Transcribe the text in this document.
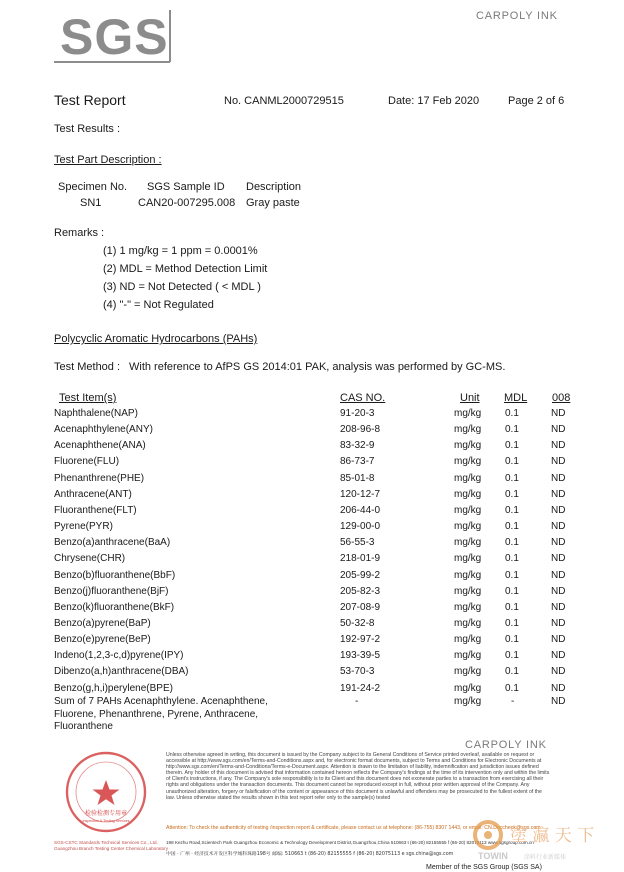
SGS	CARPOLY INK
Test Report	No. CANML2000729515	Date: 17 Feb 2020	Page 2 of 6
Test Results :
Test Part Description :
Specimen No. SGS Sample ID Description
SN1	CAN20-007295.008 Gray paste
Remarks :
(1) 1 mg/kg = 1 ppm = 0.0001%
(2) MDL = Method Detection Limit
(3) ND = Not Detected ( < MDL )
(4) "-" = Not Regulated
Polycyclic Aromatic Hydrocarbons (PAHs)
Test Method : With reference to AfPS GS 2014:01 PAK, analysis was performed by GC-MS.
Test Item(s)	CAS NO.	Unit MDL 008
Naphthalene(NAP)	91-20-3	mg/kg 0.1	ND
Acenaphthylene(ANY)	208-96-8	mg/kg 0.1	ND
Acenaphthene(ANA)	83-32-9	mg/kg 0.1	ND
Fluorene(FLU)	86-73-7	mg/kg 0.1	ND
Phenanthrene(PHE)	85-01-8	mg/kg 0.1	ND
Anthracene(ANT)	120-12-7	mg/kg 0.1	ND
Fluoranthene(FLT)	206-44-0	mg/kg 0.1	ND
Pyrene(PYR)	129-00-0	mg/kg 0.1	ND
Benzo(a)anthracene(BaA)	56-55-3	mg/kg 0.1	ND
Chrysene(CHR)	218-01-9	mg/kg 0.1	ND
Benzo(b)fluoranthene(BbF)	205-99-2	mg/kg 0.1	ND
Benzo(j)fluoranthene(BjF)	205-82-3	mg/kg 0.1	ND
Benzo(k)fluoranthene(BkF)	207-08-9	mg/kg 0.1	ND
Benzo(a)pyrene(BaP)	50-32-8	mg/kg 0.1	ND
Benzo(e)pyrene(BeP)	192-97-2	mg/kg 0.1	ND
Indeno(1,2,3-c,d)pyrene(IPY)	193-39-5	mg/kg 0.1	ND
Dibenzo(a,h)anthracene(DBA)	53-70-3	mg/kg 0.1	ND
Benzo(g,h,i)perylene(BPE)	191-24-2	mg/kg 0.1	ND
Sum of 7 PAHs Acenaphthylene. Acenaphthene,
Fluorene, Phenanthrene, Pyrene, Anthracene,
Fluoranthene
-	mg/kg	-	ND
CARPOLY INK
检验检测专用章
Inspection & Testing Services
SGS-CSTC Standards Technical Services Co., Ltd.
Guangzhou Branch Testing Center Chemical Laboratory
Unless otherwise agreed in writing, this document is issued by the Company subject to its General Conditions of Service printed overleaf, available on request or accessible at http://www.sgs.com/en/Terms-and-Conditions.aspx and, for electronic format documents, subject to Terms and Conditions for Electronic Documents at http://www.sgs.com/en/Terms-and-Conditions/Terms-e-Document.aspx. Attention is drawn to the limitation of liability, indemnification and jurisdiction issues defined therein. Any holder of this document is advised that information contained hereon reflects the Company's findings at the time of its intervention only and within the limits of Client's instructions, if any. The Company's sole responsibility is to its Client and this document does not exonerate parties to a transaction from exercising all their rights and obligations under the transaction documents. This document cannot be reproduced except in full, without prior written approval of the Company. Any unauthorized alteration, forgery or falsification of the content or appearance of this document is unlawful and offenders may be prosecuted to the fullest extent of the law. Unless otherwise stated the results shown in this test report refer only to the sample(s) tested
Attention: To check the authenticity of testing /inspection report & certificate, please contact us at telephone: (86-755) 8307 1443, or email: CN.Doccheck@sgs.com
198 Kezhu Road,Scientech Park Guangzhou Economic & Technology Development District,Guangzhou,China 510663 t (86-20) 82155555 f (86-20) 82075113 www.sgsgroup.com.cn
中国 · 广州 · 经济技术开发区科学城科珠路198号 邮编: 510663 t (86-20) 82155555 f (86-20) 82075113 e sgs.china@sgs.com
Member of the SGS Group (SGS SA)
塗 瀛 天 下
TOWIN	涂料行业新媒体
